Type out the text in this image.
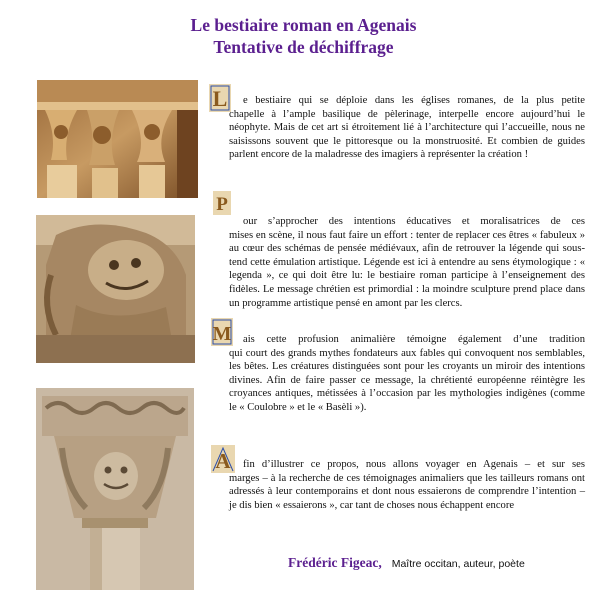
Le bestiaire roman en Agenais
Tentative de déchiffrage
L
P
M
A
e bestiaire qui se déploie dans les églises romanes, de la plus petite
chapelle à l’ample basilique de pèlerinage, interpelle encore aujourd’hui le néophyte. Mais de cet art si étroitement lié à l’architecture qui l’accueille, nous ne saisissons souvent que le pittoresque ou la monstruosité. Et combien de guides parlent encore de la maladresse des imagiers à représenter la création !
our s’approcher des intentions éducatives et moralisatrices de ces
mises en scène, il nous faut faire un effort : tenter de replacer ces êtres « fabuleux » au cœur des schémas de pensée médiévaux, afin de retrouver la légende qui sous-tend cette émulation artistique. Légende est ici à entendre au sens étymologique : « legenda », ce qui doit être lu: le bestiaire roman participe à l’enseignement des fidèles. Le message chrétien est primordial : la moindre sculpture prend place dans un programme artistique pensé en amont par les clercs.
ais cette profusion animalière témoigne également d’une tradition
qui court des grands mythes fondateurs aux fables qui convoquent nos semblables, les bêtes. Les créatures distinguées sont pour les croyants un miroir des intentions divines. Afin de faire passer ce message, la chrétienté européenne réintègre les croyances antiques, métissées à l’occasion par les mythologies indigènes (comme le « Coulobre » et le « Basèli »).
fin d’illustrer ce propos, nous allons voyager en Agenais – et sur ses
marges – à la recherche de ces témoignages animaliers que les tailleurs romans ont adressés à leur contemporains et dont nous essaierons de comprendre l’intention – je dis bien « essaierons », car tant de choses nous échappent encore
Frédéric Figeac, Maître occitan, auteur, poète
